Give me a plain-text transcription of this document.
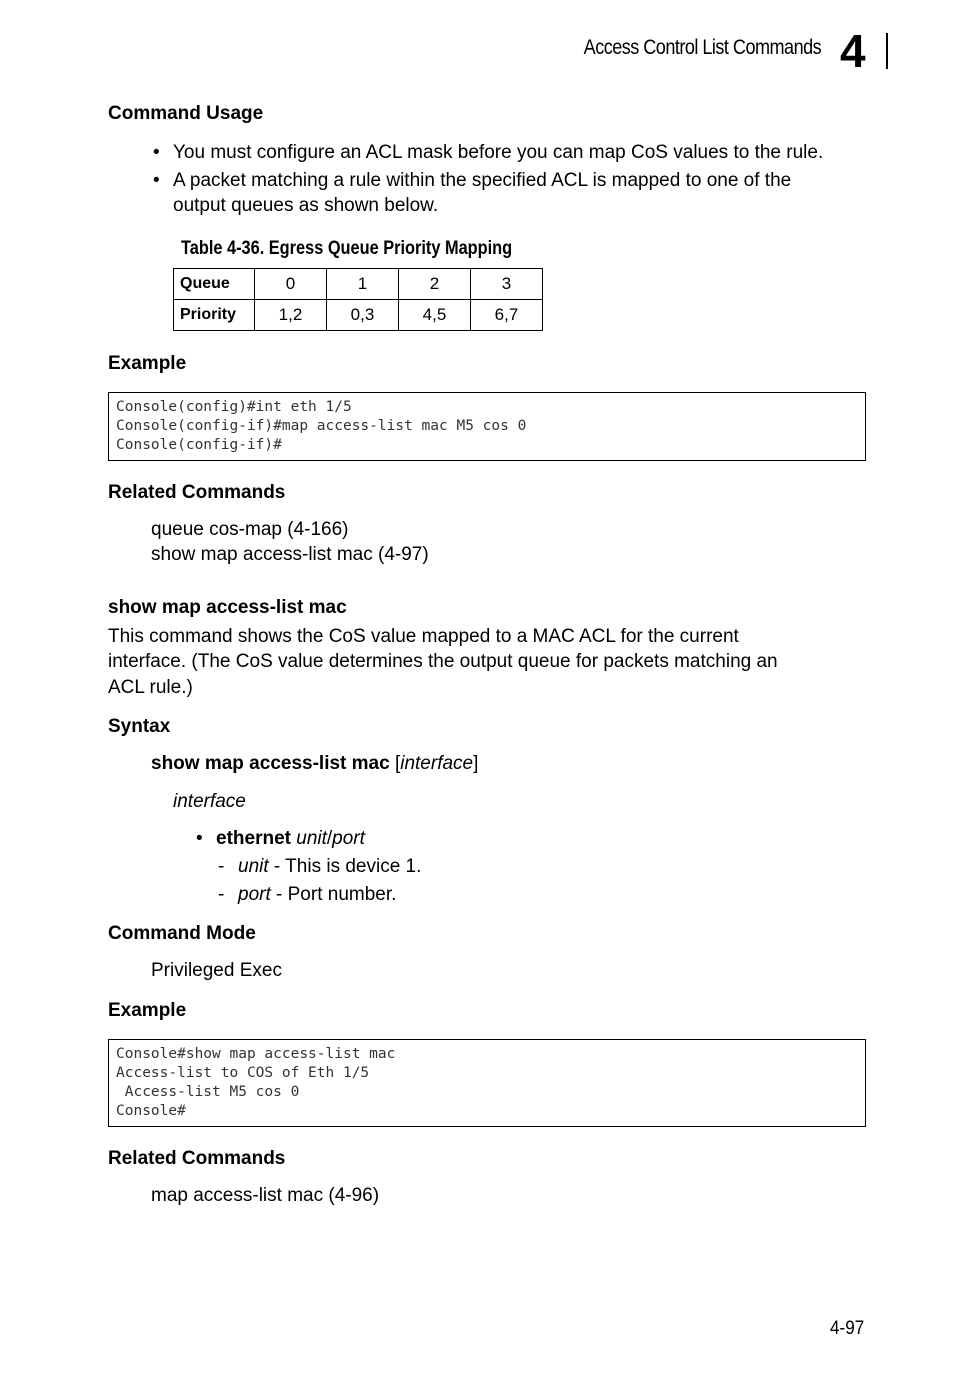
Access Control List Commands 4
Command Usage
• You must configure an ACL mask before you can map CoS values to the rule.
• A packet matching a rule within the specified ACL is mapped to one of the
output queues as shown below.
Table 4-36. Egress Queue Priority Mapping
Queue	0	1	2	3
Priority	1,2	0,3	4,5	6,7
Example
Console(config)#int eth 1/5
Console(config-if)#map access-list mac M5 cos 0
Console(config-if)#
Related Commands
queue cos-map (4-166)
show map access-list mac (4-97)
show map access-list mac
This command shows the CoS value mapped to a MAC ACL for the current
interface. (The CoS value determines the output queue for packets matching an
ACL rule.)
Syntax
show map access-list mac [interface]
interface
• ethernet unit/port
- unit - This is device 1.
- port - Port number.
Command Mode
Privileged Exec
Example
Console#show map access-list mac
Access-list to COS of Eth 1/5
Access-list M5 cos 0
Console#
Related Commands
map access-list mac (4-96)
4-97
